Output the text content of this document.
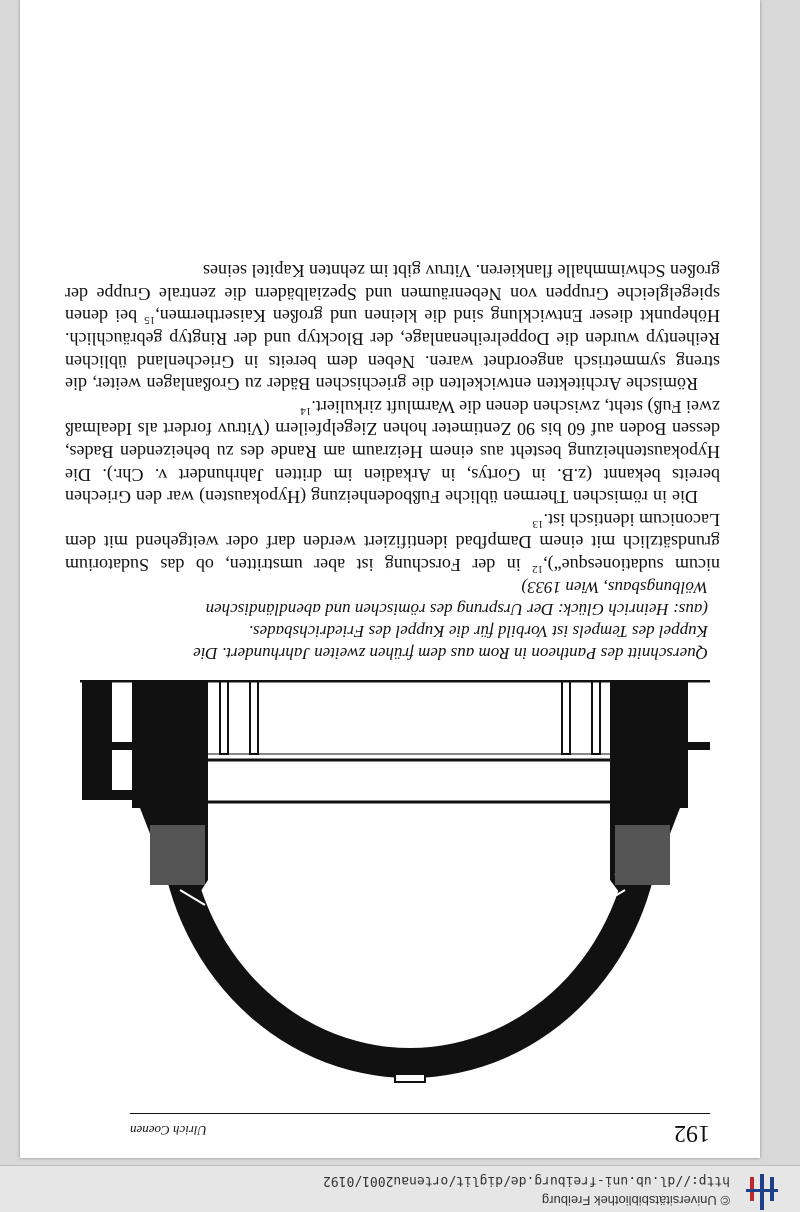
© Universitätsbibliothek Freiburg
http://dl.ub.uni-freiburg.de/diglit/ortenau2001/0192
192
Ulrich Coenen
Querschnitt des Pantheon in Rom aus dem frühen zweiten Jahrhundert. Die
Kuppel des Tempels ist Vorbild für die Kuppel des Friedrichsbades.
(aus: Heinrich Glück: Der Ursprung des römischen und abendländischen
Wölbungsbaus, Wien 1933)

nicum sudationesque“),$^{12}$ in der Forschung ist aber umstritten, ob das Sudatorium grundsätzlich mit einem Dampfbad identifiziert werden darf oder weitgehend mit dem Laconicum identisch ist.$^{13}$

Die in römischen Thermen übliche Fußbodenheizung (Hypokausten) war den Griechen bereits bekannt (z.B. in Gortys, in Arkadien im dritten Jahrhundert v. Chr.). Die Hypokaustenheizung besteht aus einem Heizraum am Rande des zu beheizenden Bades, dessen Boden auf 60 bis 90 Zentimeter hohen Ziegelpfeilern (Vitruv fordert als Idealmaß zwei Fuß) steht, zwischen denen die Warmluft zirkuliert.$^{14}$

Römische Architekten entwickelten die griechischen Bäder zu Großanlagen weiter, die streng symmetrisch angeordnet waren. Neben dem bereits in Griechenland üblichen Reihentyp wurden die Doppelreihenanlage, der Blocktyp und der Ringtyp gebräuchlich. Höhepunkt dieser Entwicklung sind die kleinen und großen Kaiserthermen,$^{15}$ bei denen spiegelgleiche Gruppen von Nebenräumen und Spezialbädern die zentrale Gruppe der großen Schwimmhalle flankieren. Vitruv gibt im zehnten Kapitel seines
